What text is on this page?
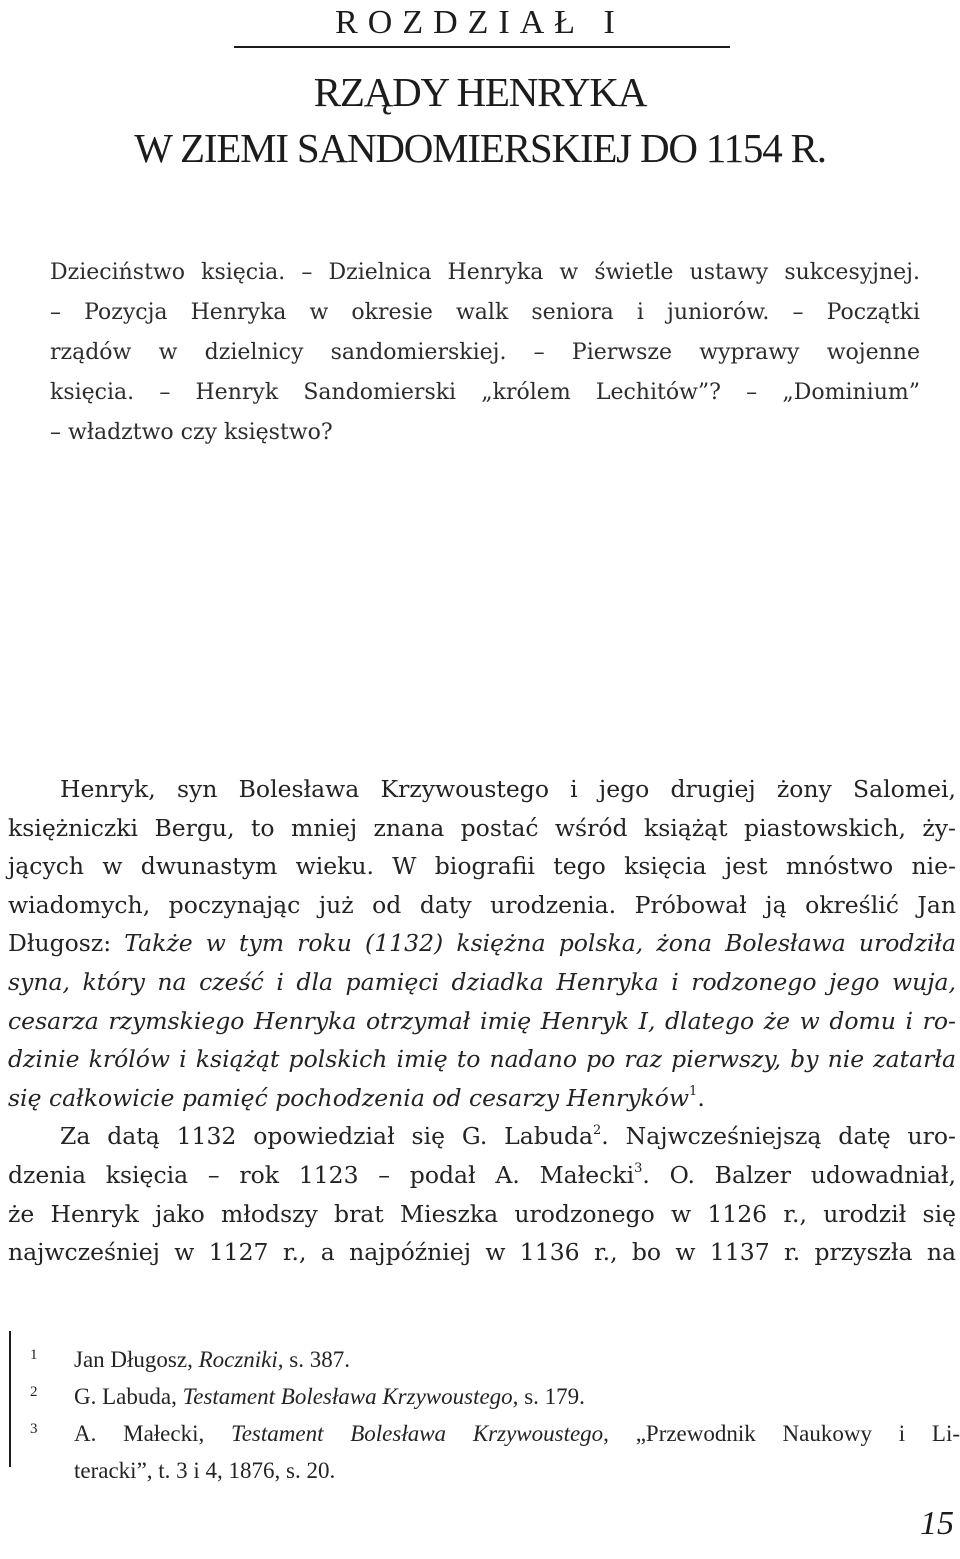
ROZDZIAŁ I
RZĄDY HENRYKA
W ZIEMI SANDOMIERSKIEJ DO 1154 R.
Dzieciństwo księcia. – Dzielnica Henryka w świetle ustawy sukcesyjnej.
– Pozycja Henryka w okresie walk seniora i juniorów. – Początki
rządów w dzielnicy sandomierskiej. – Pierwsze wyprawy wojenne
księcia. – Henryk Sandomierski „królem Lechitów”? – „Dominium”
– władztwo czy księstwo?
Henryk, syn Bolesława Krzywoustego i jego drugiej żony Salomei,
księżniczki Bergu, to mniej znana postać wśród książąt piastowskich, ży-
jących w dwunastym wieku. W biografii tego księcia jest mnóstwo nie-
wiadomych, poczynając już od daty urodzenia. Próbował ją określić Jan
Długosz: Także w tym roku (1132) księżna polska, żona Bolesława urodziła
syna, który na cześć i dla pamięci dziadka Henryka i rodzonego jego wuja,
cesarza rzymskiego Henryka otrzymał imię Henryk I, dlatego że w domu i ro-
dzinie królów i książąt polskich imię to nadano po raz pierwszy, by nie zatarła
się całkowicie pamięć pochodzenia od cesarzy Henryków$^1$.
Za datą 1132 opowiedział się G. Labuda$^2$. Najwcześniejszą datę uro-
dzenia księcia – rok 1123 – podał A. Małecki$^3$. O. Balzer udowadniał,
że Henryk jako młodszy brat Mieszka urodzonego w 1126 r., urodził się
najwcześniej w 1127 r., a najpóźniej w 1136 r., bo w 1137 r. przyszła na
1 Jan Długosz, Roczniki, s. 387.
2 G. Labuda, Testament Bolesława Krzywoustego, s. 179.
3 A. Małecki, Testament Bolesława Krzywoustego, „Przewodnik Naukowy i Li-
teracki”, t. 3 i 4, 1876, s. 20.
15
